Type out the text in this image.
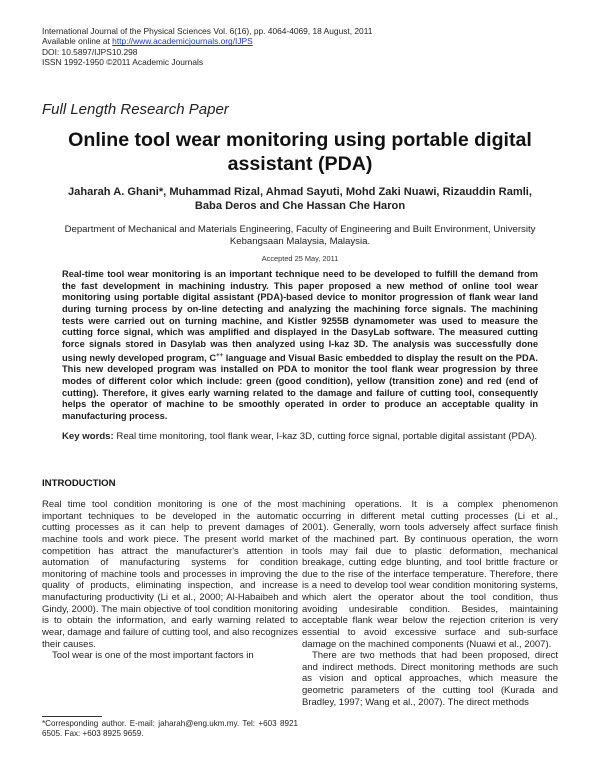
International Journal of the Physical Sciences Vol. 6(16), pp. 4064-4069, 18 August, 2011
Available online at http://www.academicjournals.org/IJPS
DOI: 10.5897/IJPS10.298
ISSN 1992-1950 ©2011 Academic Journals
Full Length Research Paper
Online tool wear monitoring using portable digital
assistant (PDA)
Jaharah A. Ghani*, Muhammad Rizal, Ahmad Sayuti, Mohd Zaki Nuawi, Rizauddin Ramli,
Baba Deros and Che Hassan Che Haron
Department of Mechanical and Materials Engineering, Faculty of Engineering and Built Environment, University
Kebangsaan Malaysia, Malaysia.
Accepted 25 May, 2011
Real-time tool wear monitoring is an important technique need to be developed to fulfill the demand from the fast development in machining industry. This paper proposed a new method of online tool wear monitoring using portable digital assistant (PDA)-based device to monitor progression of flank wear land during turning process by on-line detecting and analyzing the machining force signals. The machining tests were carried out on turning machine, and Kistler 9255B dynamometer was used to measure the cutting force signal, which was amplified and displayed in the DasyLab software. The measured cutting force signals stored in Dasylab was then analyzed using I-kaz 3D. The analysis was successfully done using newly developed program, C++ language and Visual Basic embedded to display the result on the PDA. This new developed program was installed on PDA to monitor the tool flank wear progression by three modes of different color which include: green (good condition), yellow (transition zone) and red (end of cutting). Therefore, it gives early warning related to the damage and failure of cutting tool, consequently helps the operator of machine to be smoothly operated in order to produce an acceptable quality in manufacturing process.
Key words: Real time monitoring, tool flank wear, I-kaz 3D, cutting force signal, portable digital assistant (PDA).
INTRODUCTION

Real time tool condition monitoring is one of the most important techniques to be developed in the automatic cutting processes as it can help to prevent damages of machine tools and work piece. The present world market competition has attract the manufacturer's attention in automation of manufacturing systems for condition monitoring of machine tools and processes in improving the quality of products, eliminating inspection, and increase manufacturing productivity (Li et al., 2000; Al-Habaibeh and Gindy, 2000). The main objective of tool condition monitoring is to obtain the information, and early warning related to wear, damage and failure of cutting tool, and also recognizes their causes.

Tool wear is one of the most important factors in

machining operations. It is a complex phenomenon occurring in different metal cutting processes (Li et al., 2001). Generally, worn tools adversely affect surface finish of the machined part. By continuous operation, the worn tools may fail due to plastic deformation, mechanical breakage, cutting edge blunting, and tool brittle fracture or due to the rise of the interface temperature. Therefore, there is a need to develop tool wear condition monitoring systems, which alert the operator about the tool condition, thus avoiding undesirable condition. Besides, maintaining acceptable flank wear below the rejection criterion is very essential to avoid excessive surface and sub-surface damage on the machined components (Nuawi et al., 2007).

There are two methods that had been proposed, direct and indirect methods. Direct monitoring methods are such as vision and optical approaches, which measure the geometric parameters of the cutting tool (Kurada and Bradley, 1997; Wang et al., 2007). The direct methods

*Corresponding author. E-mail: jaharah@eng.ukm.my. Tel: +603 8921 6505. Fax: +603 8925 9659.
